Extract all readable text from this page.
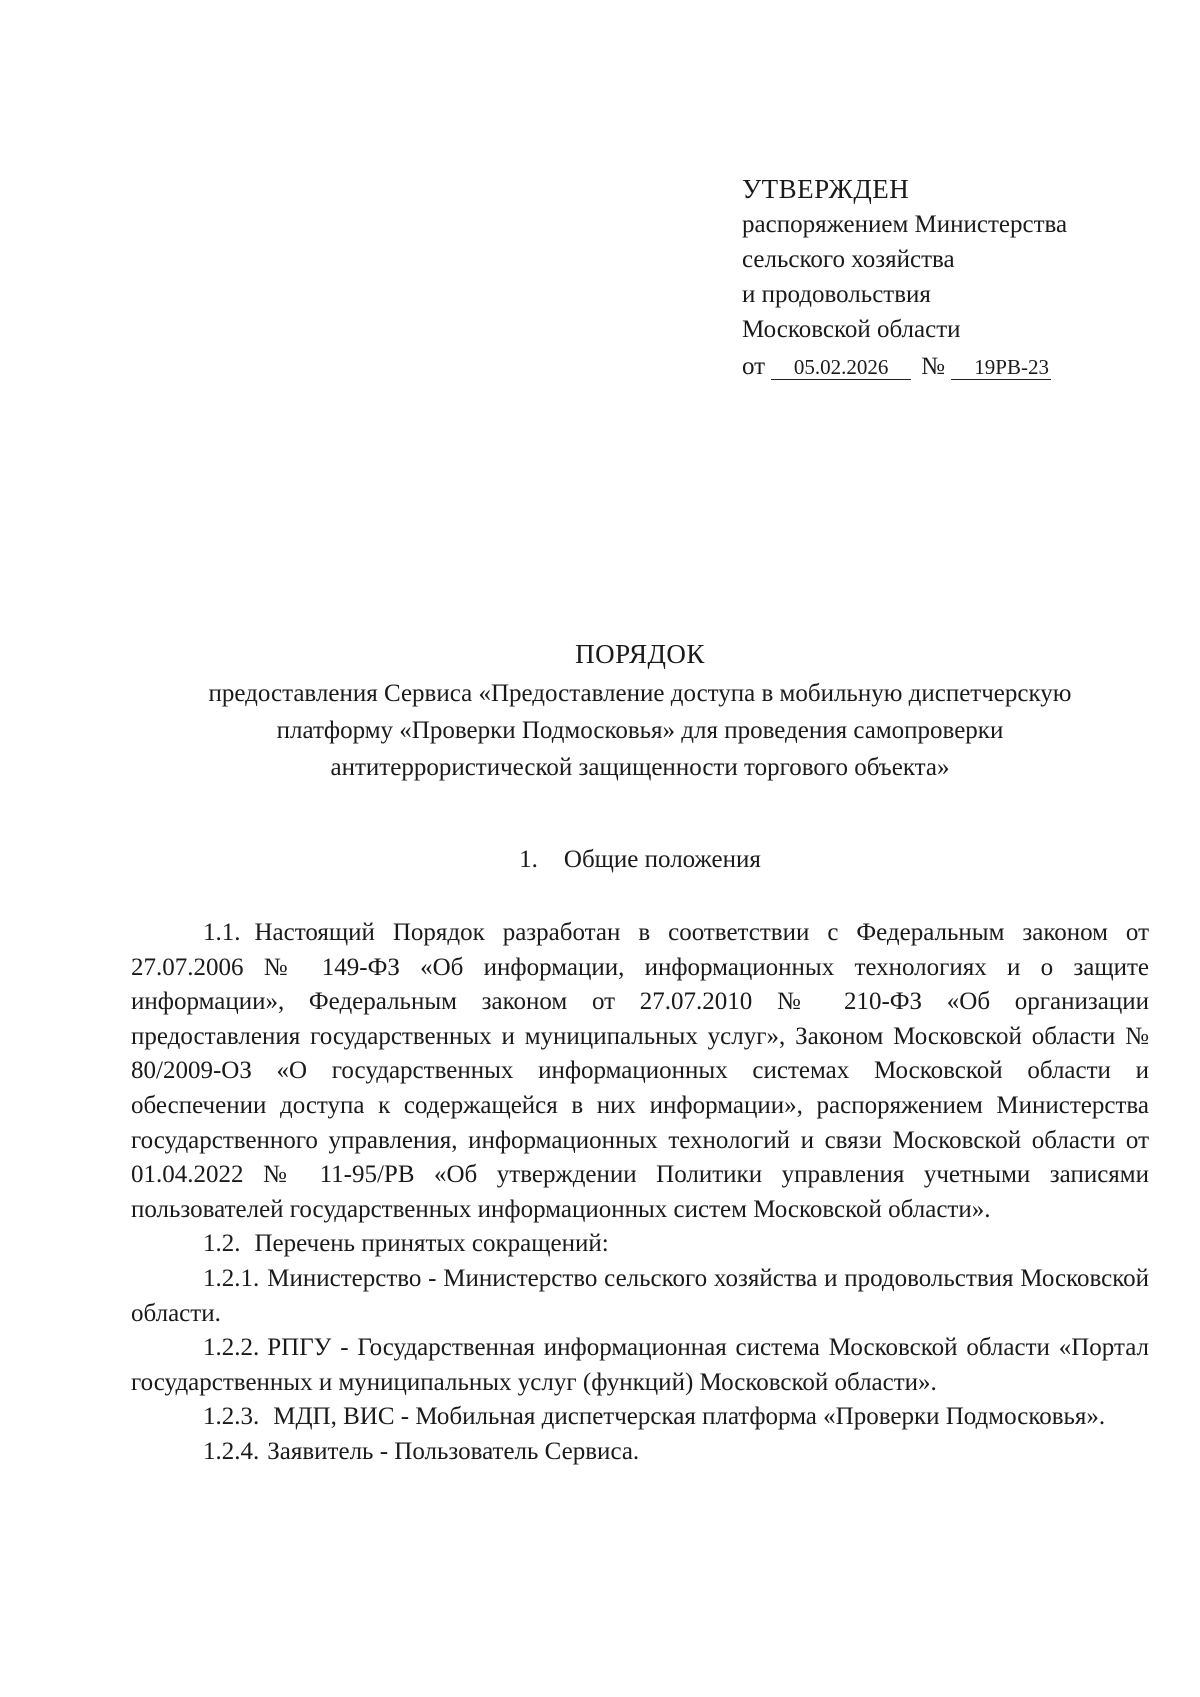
УТВЕРЖДЕН
распоряжением Министерства
сельского хозяйства
и продовольствия
Московской области
от	05.02.2026	№	19РВ-23
ПОРЯДОК
предоставления Сервиса «Предоставление доступа в мобильную диспетчерскую
платформу «Проверки Подмосковья» для проведения самопроверки
антитеррористической защищенности торгового объекта»
1. Общие положения

1.1. Настоящий Порядок разработан в соответствии с Федеральным законом от 27.07.2006 № 149-ФЗ «Об информации, информационных технологиях и о защите информации», Федеральным законом от 27.07.2010 № 210-ФЗ «Об организации предоставления государственных и муниципальных услуг», Законом Московской области № 80/2009-ОЗ «О государственных информационных системах Московской области и обеспечении доступа к содержащейся в них информации», распоряжением Министерства государственного управления, информационных технологий и связи Московской области от 01.04.2022 № 11-95/РВ «Об утверждении Политики управления учетными записями пользователей государственных информационных систем Московской области».

1.2. Перечень принятых сокращений:

1.2.1. Министерство - Министерство сельского хозяйства и продовольствия Московской области.

1.2.2. РПГУ - Государственная информационная система Московской области «Портал государственных и муниципальных услуг (функций) Московской области».

1.2.3. МДП, ВИС - Мобильная диспетчерская платформа «Проверки Подмосковья».

1.2.4. Заявитель - Пользователь Сервиса.
